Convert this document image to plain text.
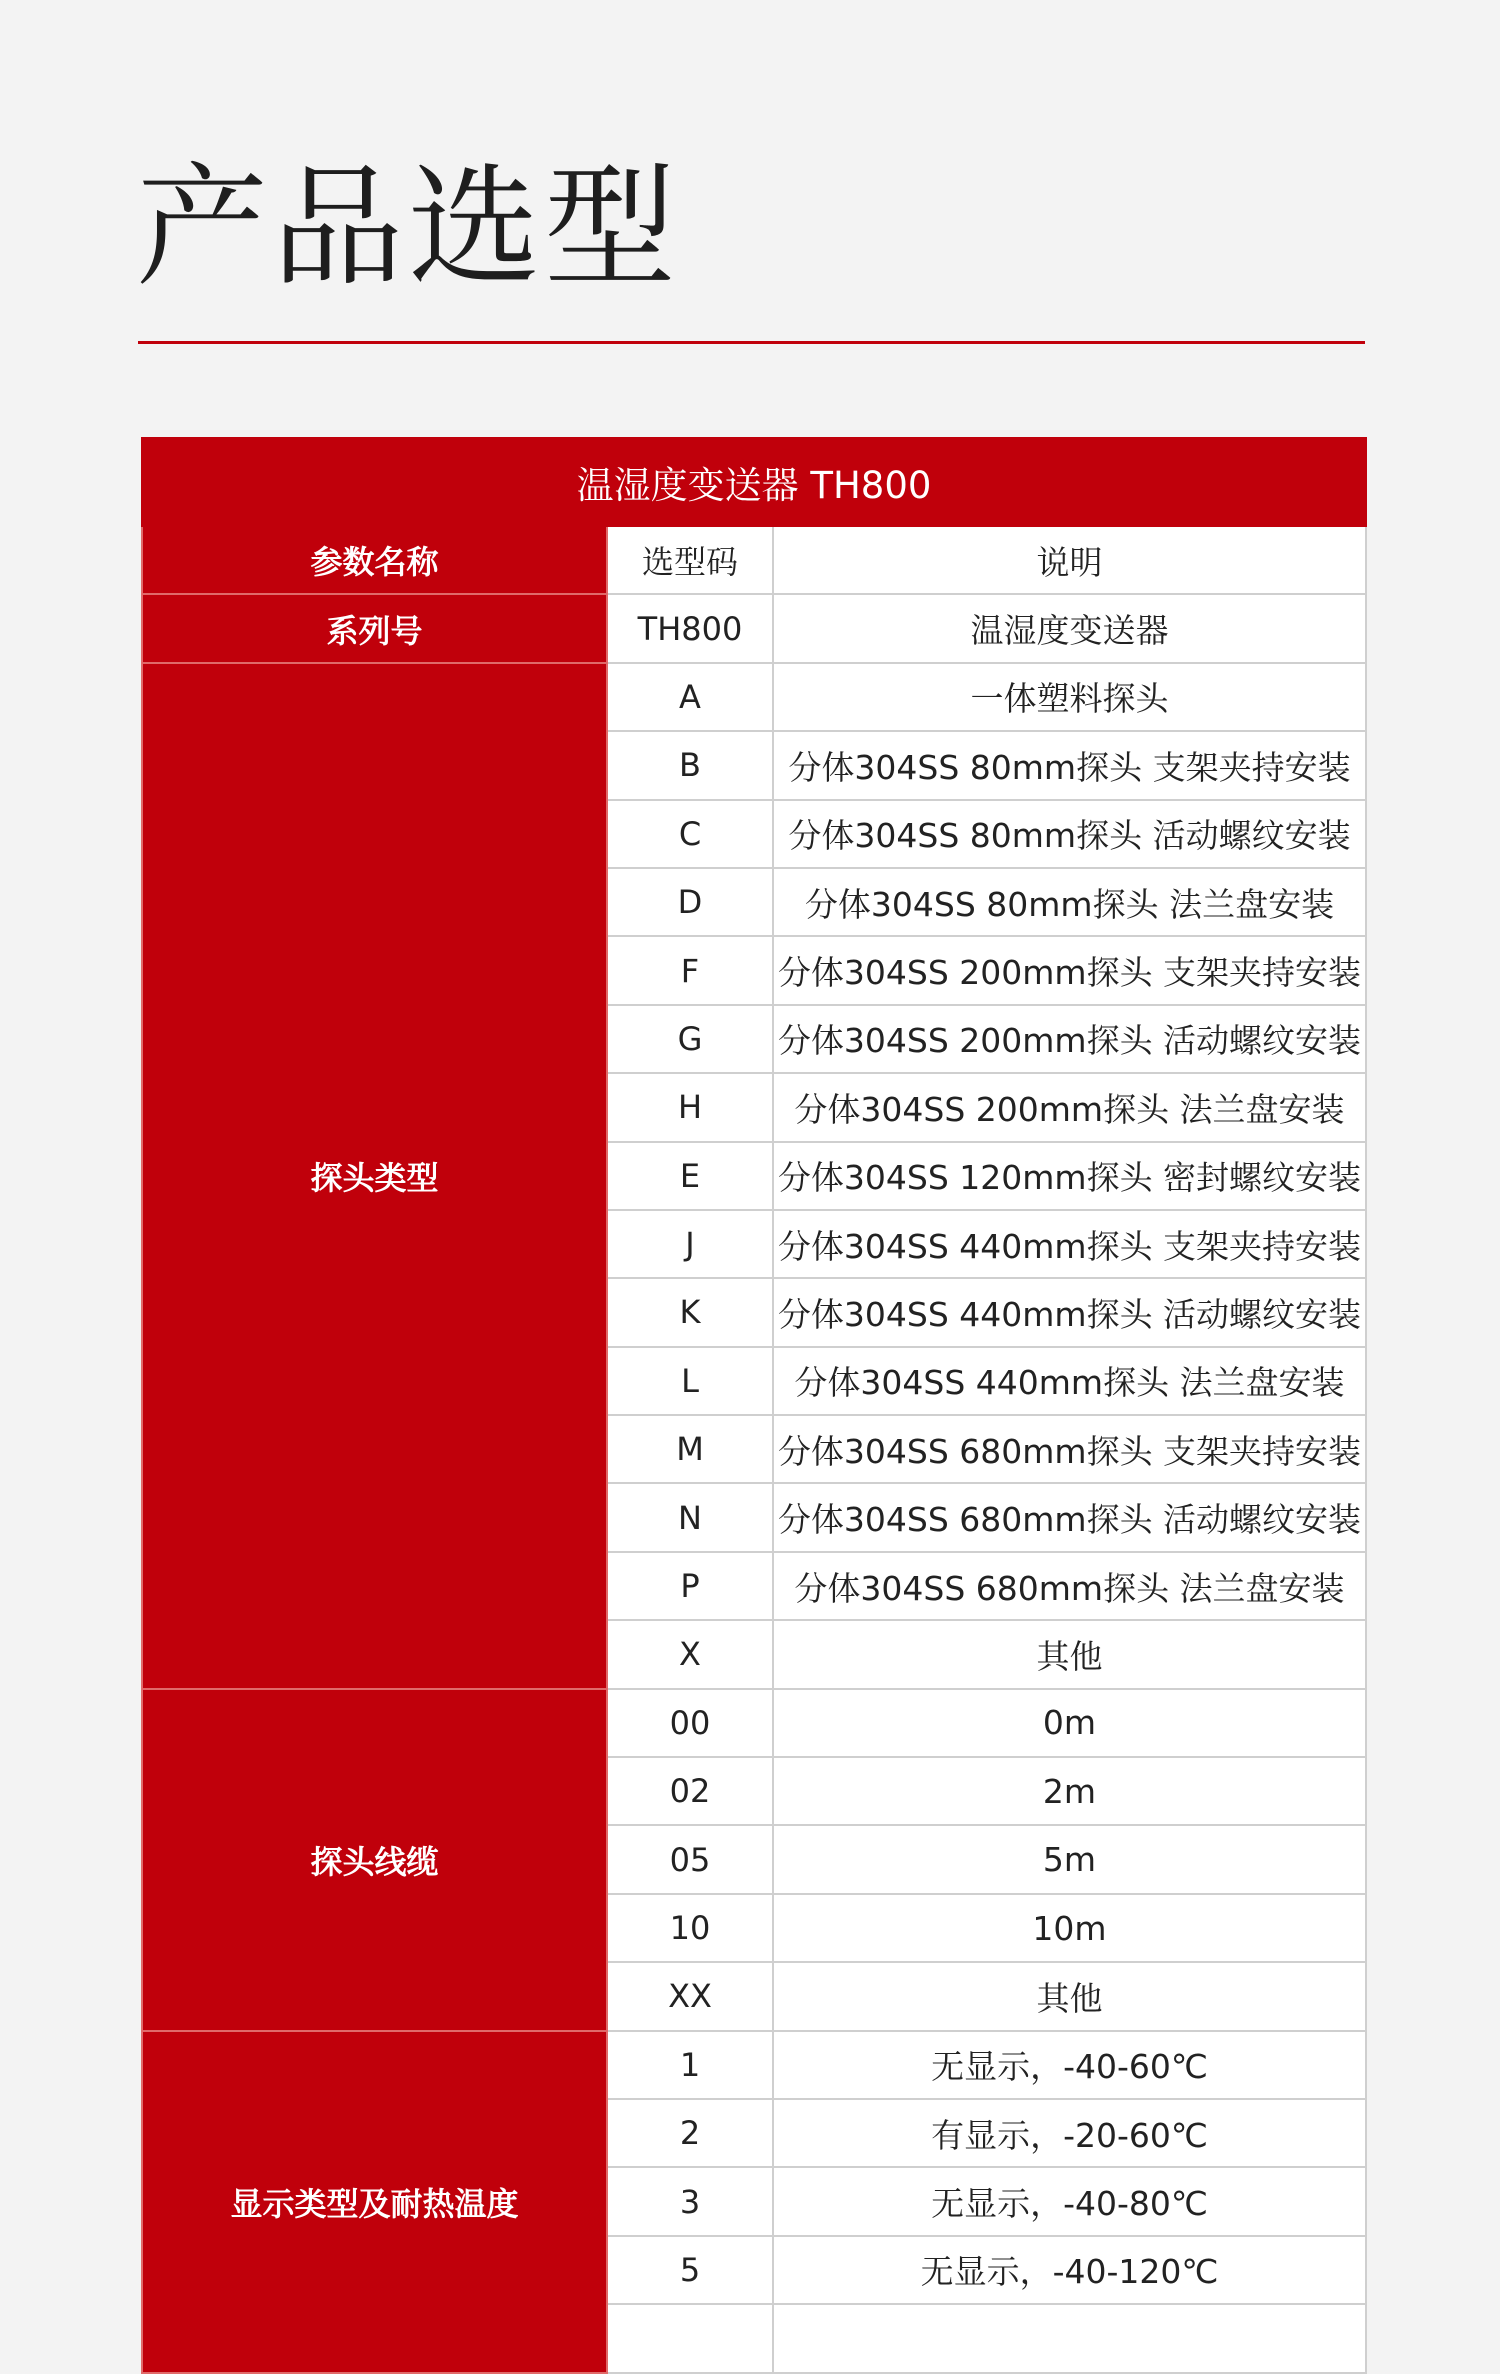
产品选型
温湿度变送器 TH800		
参数名称	选型码	说明
系列号	TH800	温湿度变送器
探头类型	A	一体塑料探头
	B	分体304SS 80mm探头 支架夹持安装
	C	分体304SS 80mm探头 活动螺纹安装
	D	分体304SS 80mm探头 法兰盘安装
	F	分体304SS 200mm探头 支架夹持安装
	G	分体304SS 200mm探头 活动螺纹安装
	H	分体304SS 200mm探头 法兰盘安装
	E	分体304SS 120mm探头 密封螺纹安装
	J	分体304SS 440mm探头 支架夹持安装
	K	分体304SS 440mm探头 活动螺纹安装
	L	分体304SS 440mm探头 法兰盘安装
	M	分体304SS 680mm探头 支架夹持安装
	N	分体304SS 680mm探头 活动螺纹安装
	P	分体304SS 680mm探头 法兰盘安装
	X	其他
探头线缆	00	0m
	02	2m
	05	5m
	10	10m
	XX	其他
显示类型及耐热温度	1	无显示，-40-60℃
	2	有显示，-20-60℃
	3	无显示，-40-80℃
	5	无显示，-40-120℃
